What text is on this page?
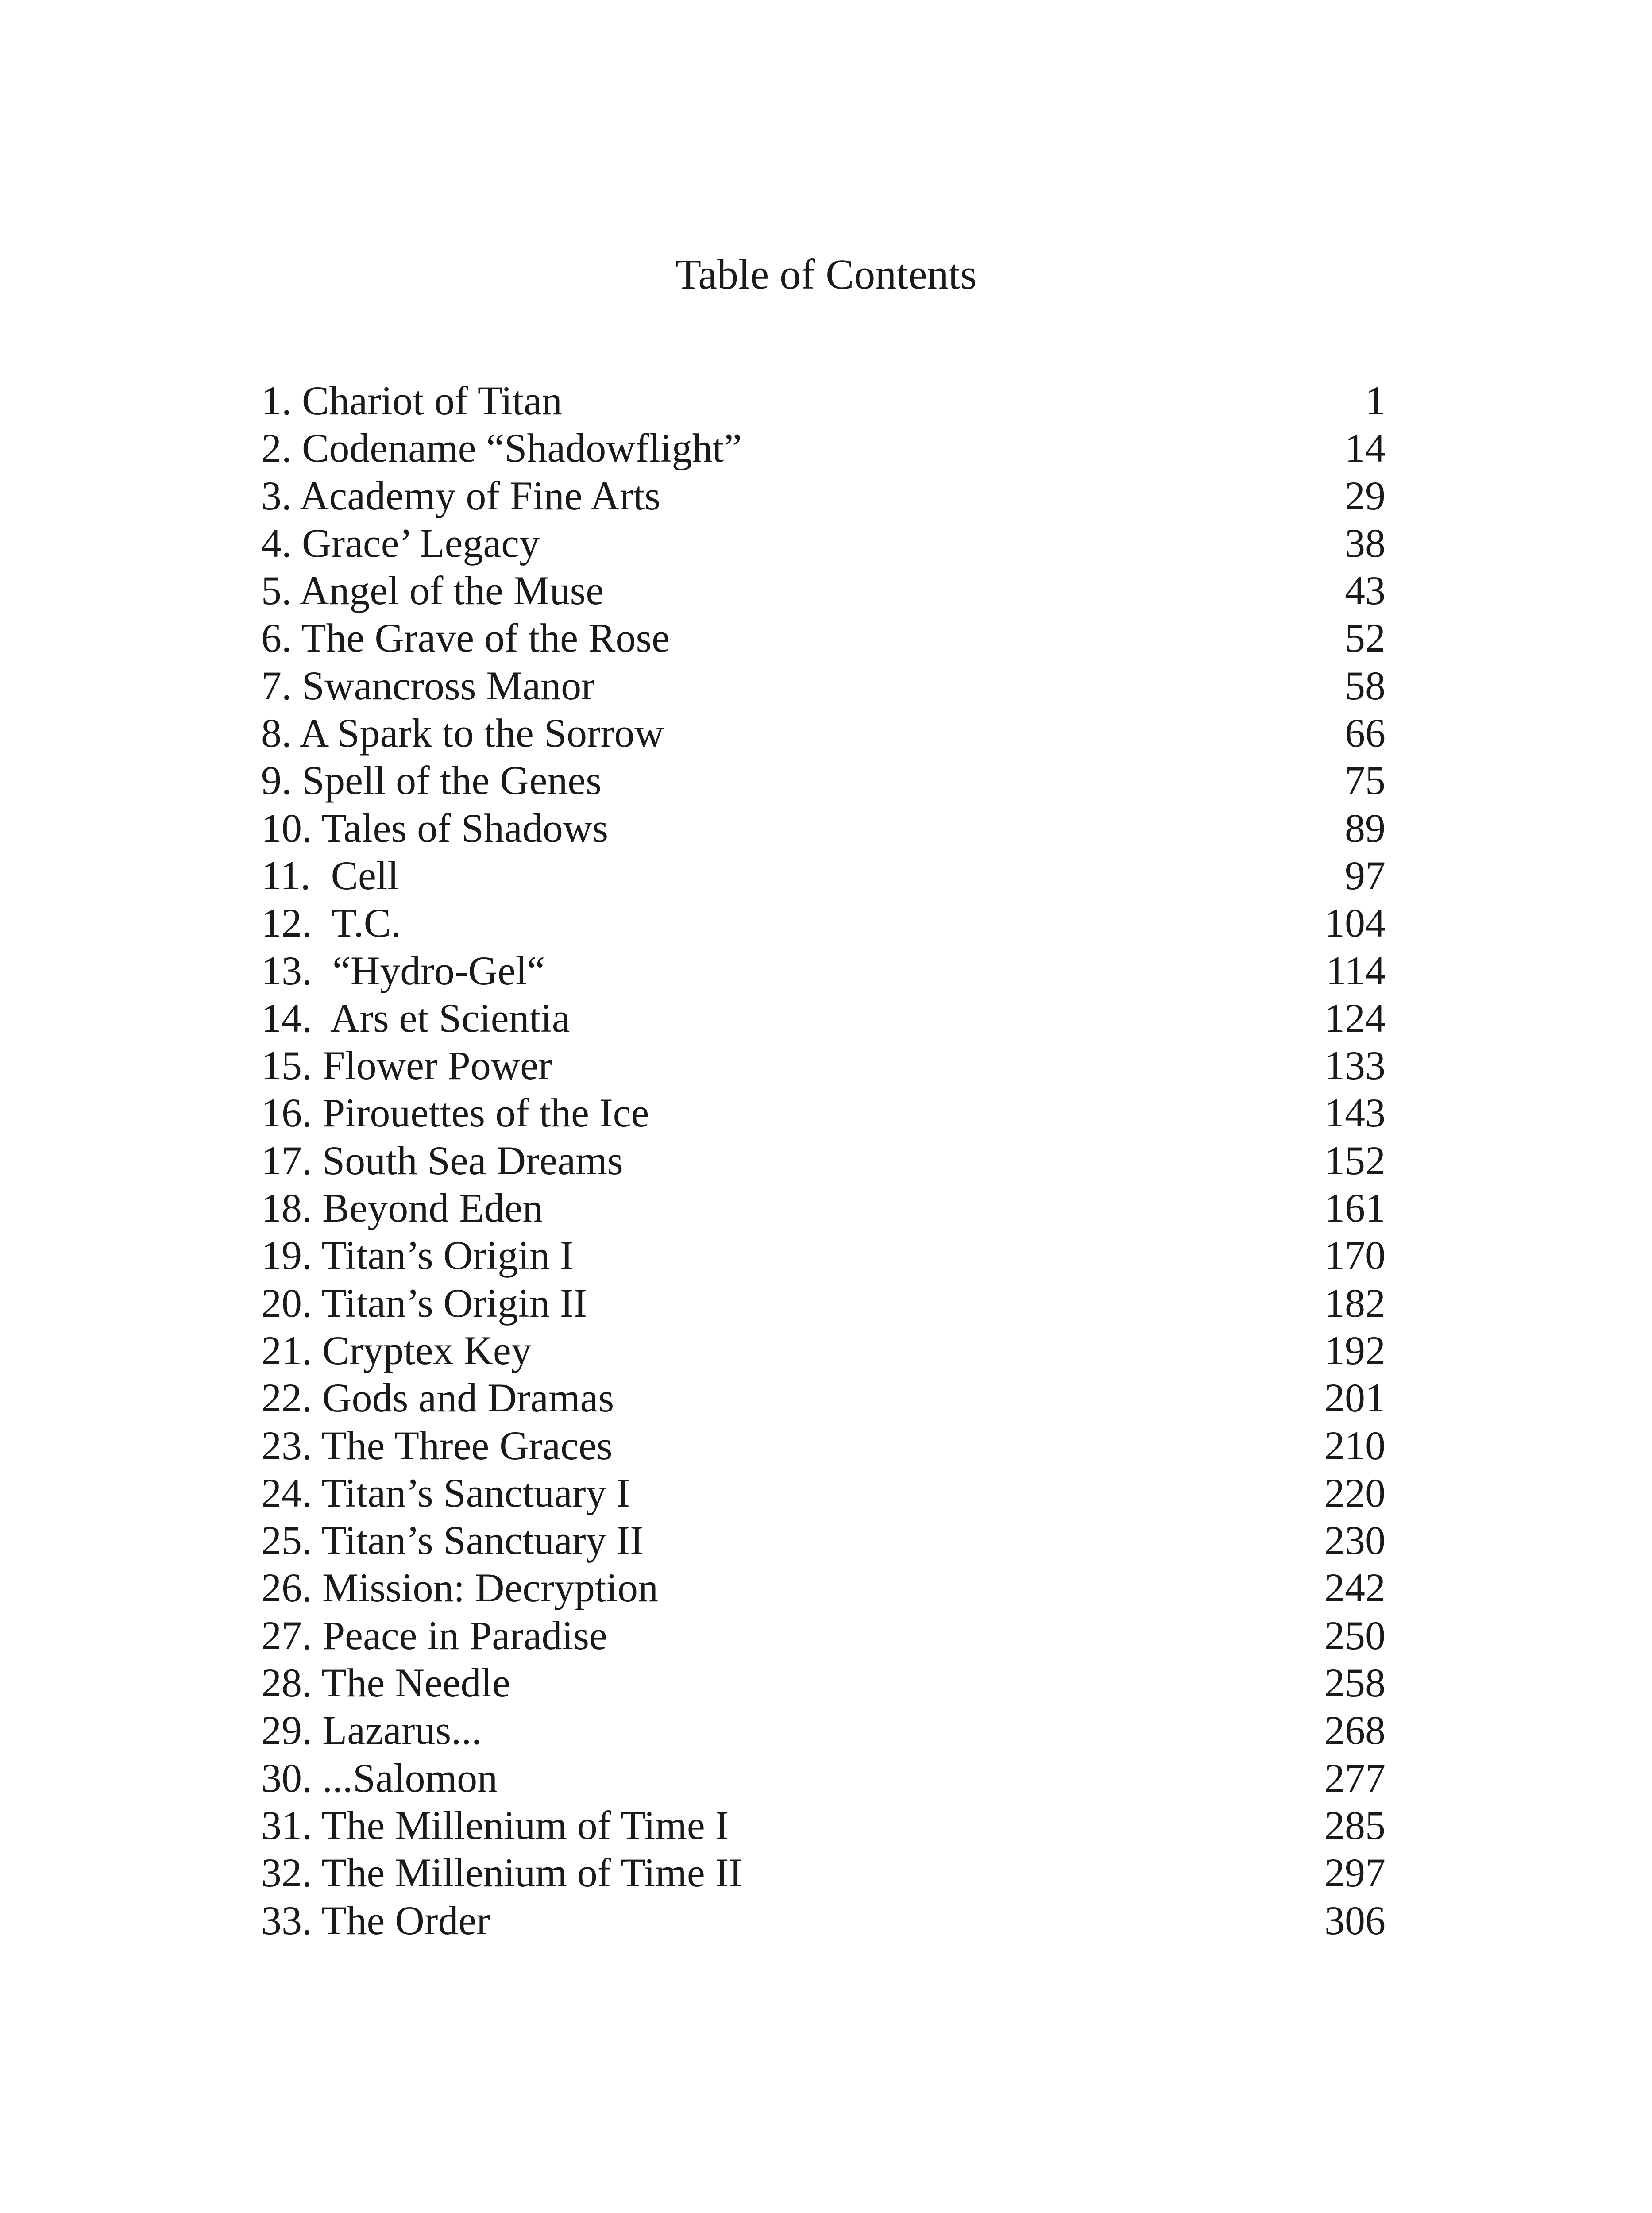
Table of Contents
1. Chariot of Titan	1
2. Codename “Shadowflight”	14
3. Academy of Fine Arts	29
4. Grace’ Legacy	38
5. Angel of the Muse	43
6. The Grave of the Rose	52
7. Swancross Manor	58
8. A Spark to the Sorrow	66
9. Spell of the Genes	75
10. Tales of Shadows	89
11.  Cell	97
12.  T.C.	104
13.  “Hydro-Gel“	114
14.  Ars et Scientia	124
15. Flower Power	133
16. Pirouettes of the Ice	143
17. South Sea Dreams	152
18. Beyond Eden	161
19. Titan’s Origin I	170
20. Titan’s Origin II	182
21. Cryptex Key	192
22. Gods and Dramas	201
23. The Three Graces	210
24. Titan’s Sanctuary I	220
25. Titan’s Sanctuary II	230
26. Mission: Decryption	242
27. Peace in Paradise	250
28. The Needle	258
29. Lazarus...	268
30. ...Salomon	277
31. The Millenium of Time I	285
32. The Millenium of Time II	297
33. The Order	306
